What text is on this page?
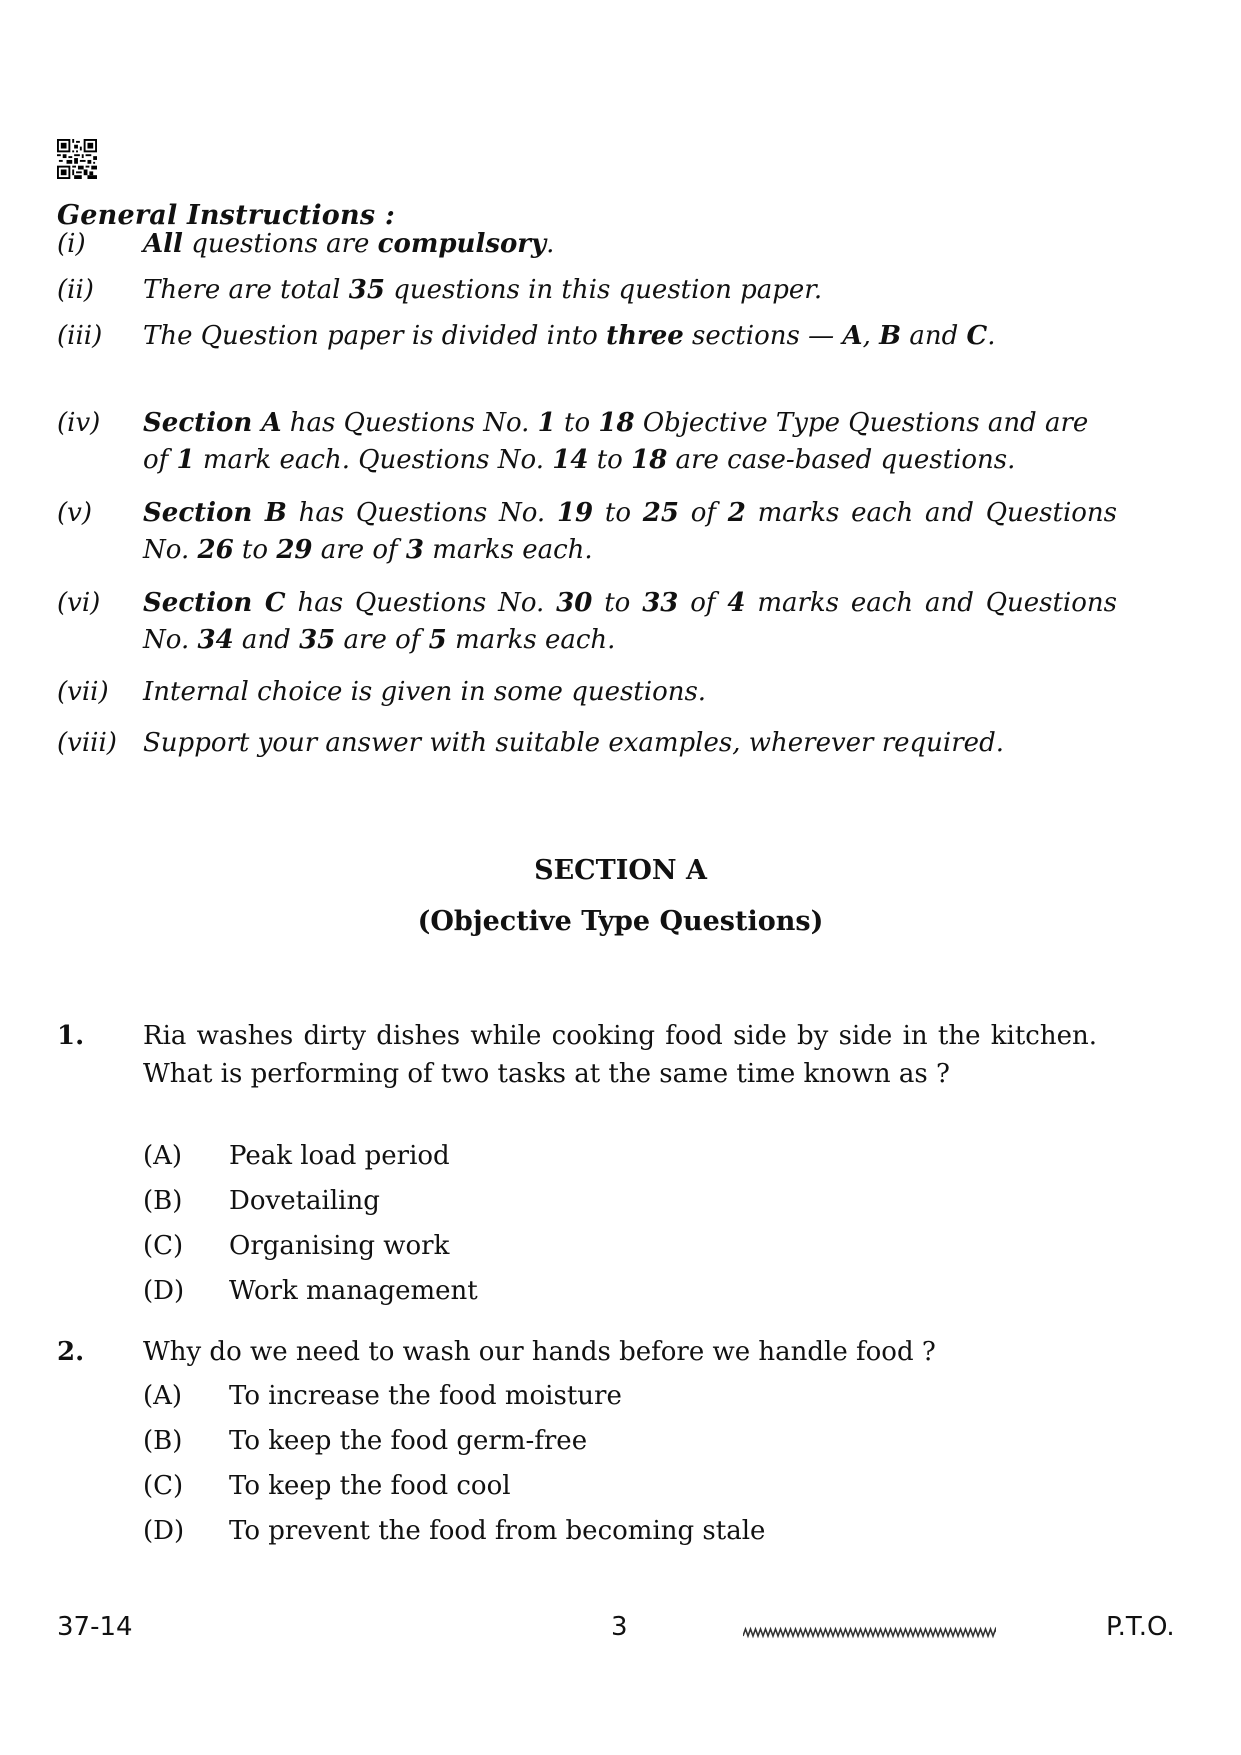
General Instructions :
(i)	All questions are compulsory.
(ii)	There are total 35 questions in this question paper.
(iii)	The Question paper is divided into three sections — A, B and C.
(iv)	Section A has Questions No. 1 to 18 Objective Type Questions and are of 1 mark each. Questions No. 14 to 18 are case-based questions.
(v)	Section B has Questions No. 19 to 25 of 2 marks each and Questions No. 26 to 29 are of 3 marks each.
(vi)	Section C has Questions No. 30 to 33 of 4 marks each and Questions No. 34 and 35 are of 5 marks each.
(vii)	Internal choice is given in some questions.
(viii)	Support your answer with suitable examples, wherever required.
SECTION A
(Objective Type Questions)
1.	Ria washes dirty dishes while cooking food side by side in the kitchen. What is performing of two tasks at the same time known as ?
(A)	Peak load period
(B)	Dovetailing
(C)	Organising work
(D)	Work management
2.	Why do we need to wash our hands before we handle food ?
(A)	To increase the food moisture
(B)	To keep the food germ-free
(C)	To keep the food cool
(D)	To prevent the food from becoming stale
37-14	3	P.T.O.
